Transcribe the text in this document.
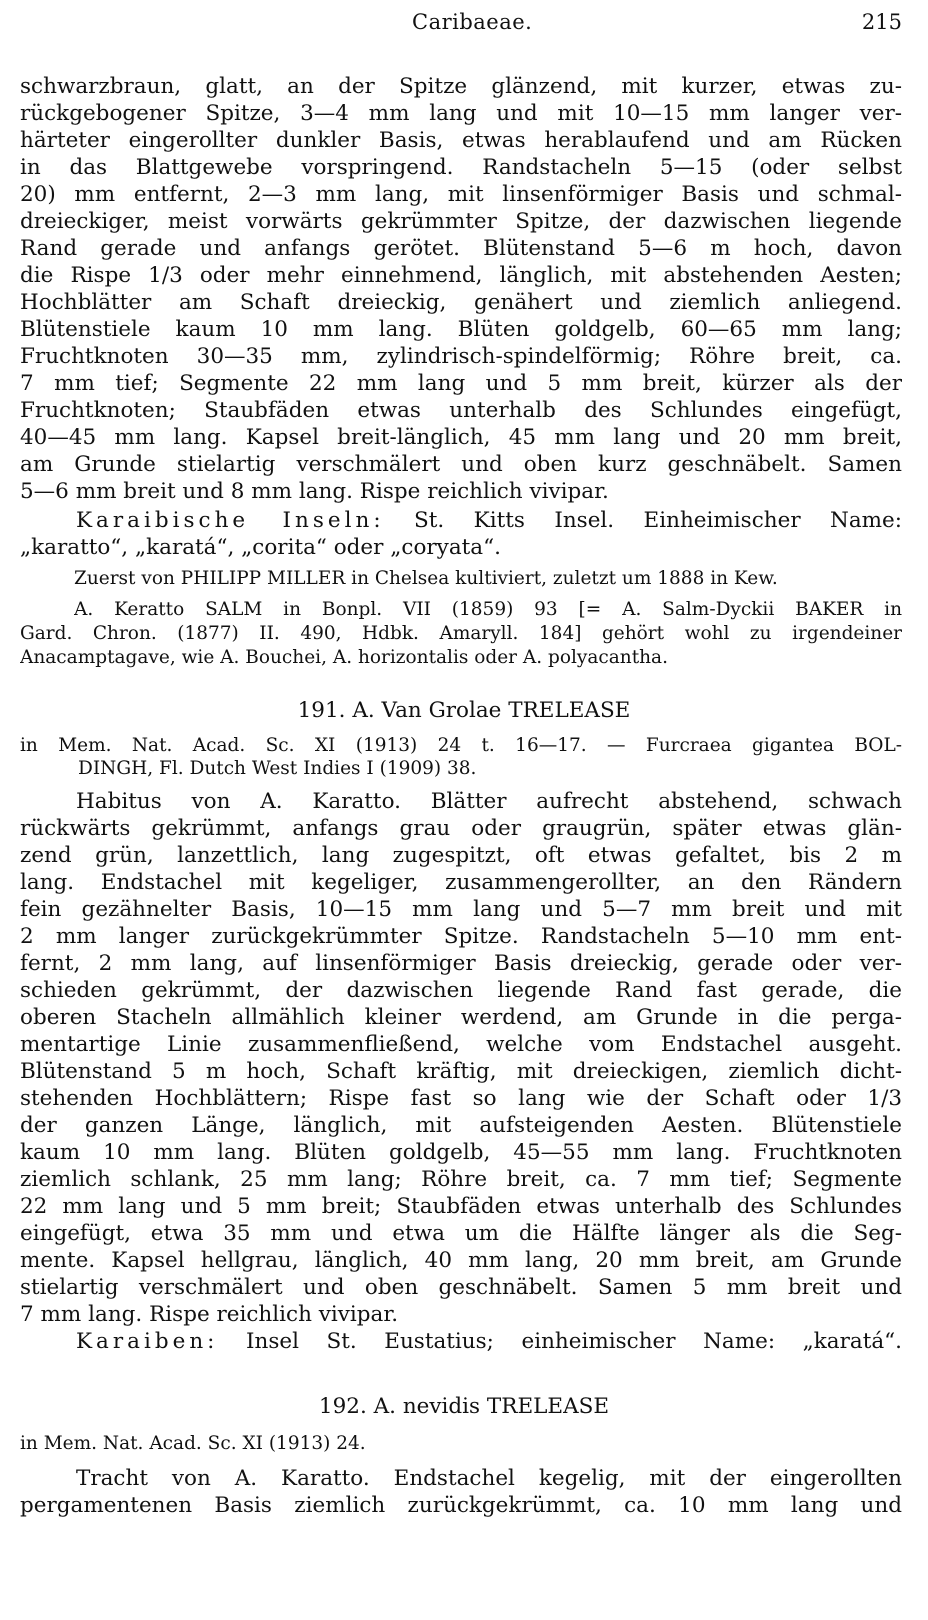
Caribaeae.	215
schwarzbraun, glatt, an der Spitze glänzend, mit kurzer, etwas zu-
rückgebogener Spitze, 3—4 mm lang und mit 10—15 mm langer ver-
härteter eingerollter dunkler Basis, etwas herablaufend und am Rücken
in das Blattgewebe vorspringend. Randstacheln 5—15 (oder selbst
20) mm entfernt, 2—3 mm lang, mit linsenförmiger Basis und schmal-
dreieckiger, meist vorwärts gekrümmter Spitze, der dazwischen liegende
Rand gerade und anfangs gerötet. Blütenstand 5—6 m hoch, davon
die Rispe 1/3 oder mehr einnehmend, länglich, mit abstehenden Aesten;
Hochblätter am Schaft dreieckig, genähert und ziemlich anliegend.
Blütenstiele kaum 10 mm lang. Blüten goldgelb, 60—65 mm lang;
Fruchtknoten 30—35 mm, zylindrisch-spindelförmig; Röhre breit, ca.
7 mm tief; Segmente 22 mm lang und 5 mm breit, kürzer als der
Fruchtknoten; Staubfäden etwas unterhalb des Schlundes eingefügt,
40—45 mm lang. Kapsel breit-länglich, 45 mm lang und 20 mm breit,
am Grunde stielartig verschmälert und oben kurz geschnäbelt. Samen
5—6 mm breit und 8 mm lang. Rispe reichlich vivipar.
Karaibische Inseln: St. Kitts Insel. Einheimischer Name:
„karatto“, „karatá“, „corita“ oder „coryata“.
Zuerst von PHILIPP MILLER in Chelsea kultiviert, zuletzt um 1888 in Kew.
A. Keratto SALM in Bonpl. VII (1859) 93 [= A. Salm-Dyckii BAKER in
Gard. Chron. (1877) II. 490, Hdbk. Amaryll. 184] gehört wohl zu irgendeiner
Anacamptagave, wie A. Bouchei, A. horizontalis oder A. polyacantha.
191. A. Van Grolae TRELEASE
in Mem. Nat. Acad. Sc. XI (1913) 24 t. 16—17. — Furcraea gigantea BOL-
DINGH, Fl. Dutch West Indies I (1909) 38.
Habitus von A. Karatto. Blätter aufrecht abstehend, schwach
rückwärts gekrümmt, anfangs grau oder graugrün, später etwas glän-
zend grün, lanzettlich, lang zugespitzt, oft etwas gefaltet, bis 2 m
lang. Endstachel mit kegeliger, zusammengerollter, an den Rändern
fein gezähnelter Basis, 10—15 mm lang und 5—7 mm breit und mit
2 mm langer zurückgekrümmter Spitze. Randstacheln 5—10 mm ent-
fernt, 2 mm lang, auf linsenförmiger Basis dreieckig, gerade oder ver-
schieden gekrümmt, der dazwischen liegende Rand fast gerade, die
oberen Stacheln allmählich kleiner werdend, am Grunde in die perga-
mentartige Linie zusammenfließend, welche vom Endstachel ausgeht.
Blütenstand 5 m hoch, Schaft kräftig, mit dreieckigen, ziemlich dicht-
stehenden Hochblättern; Rispe fast so lang wie der Schaft oder 1/3
der ganzen Länge, länglich, mit aufsteigenden Aesten. Blütenstiele
kaum 10 mm lang. Blüten goldgelb, 45—55 mm lang. Fruchtknoten
ziemlich schlank, 25 mm lang; Röhre breit, ca. 7 mm tief; Segmente
22 mm lang und 5 mm breit; Staubfäden etwas unterhalb des Schlundes
eingefügt, etwa 35 mm und etwa um die Hälfte länger als die Seg-
mente. Kapsel hellgrau, länglich, 40 mm lang, 20 mm breit, am Grunde
stielartig verschmälert und oben geschnäbelt. Samen 5 mm breit und
7 mm lang. Rispe reichlich vivipar.
Karaiben: Insel St. Eustatius; einheimischer Name: „karatá“.
192. A. nevidis TRELEASE
in Mem. Nat. Acad. Sc. XI (1913) 24.
Tracht von A. Karatto. Endstachel kegelig, mit der eingerollten
pergamentenen Basis ziemlich zurückgekrümmt, ca. 10 mm lang und
